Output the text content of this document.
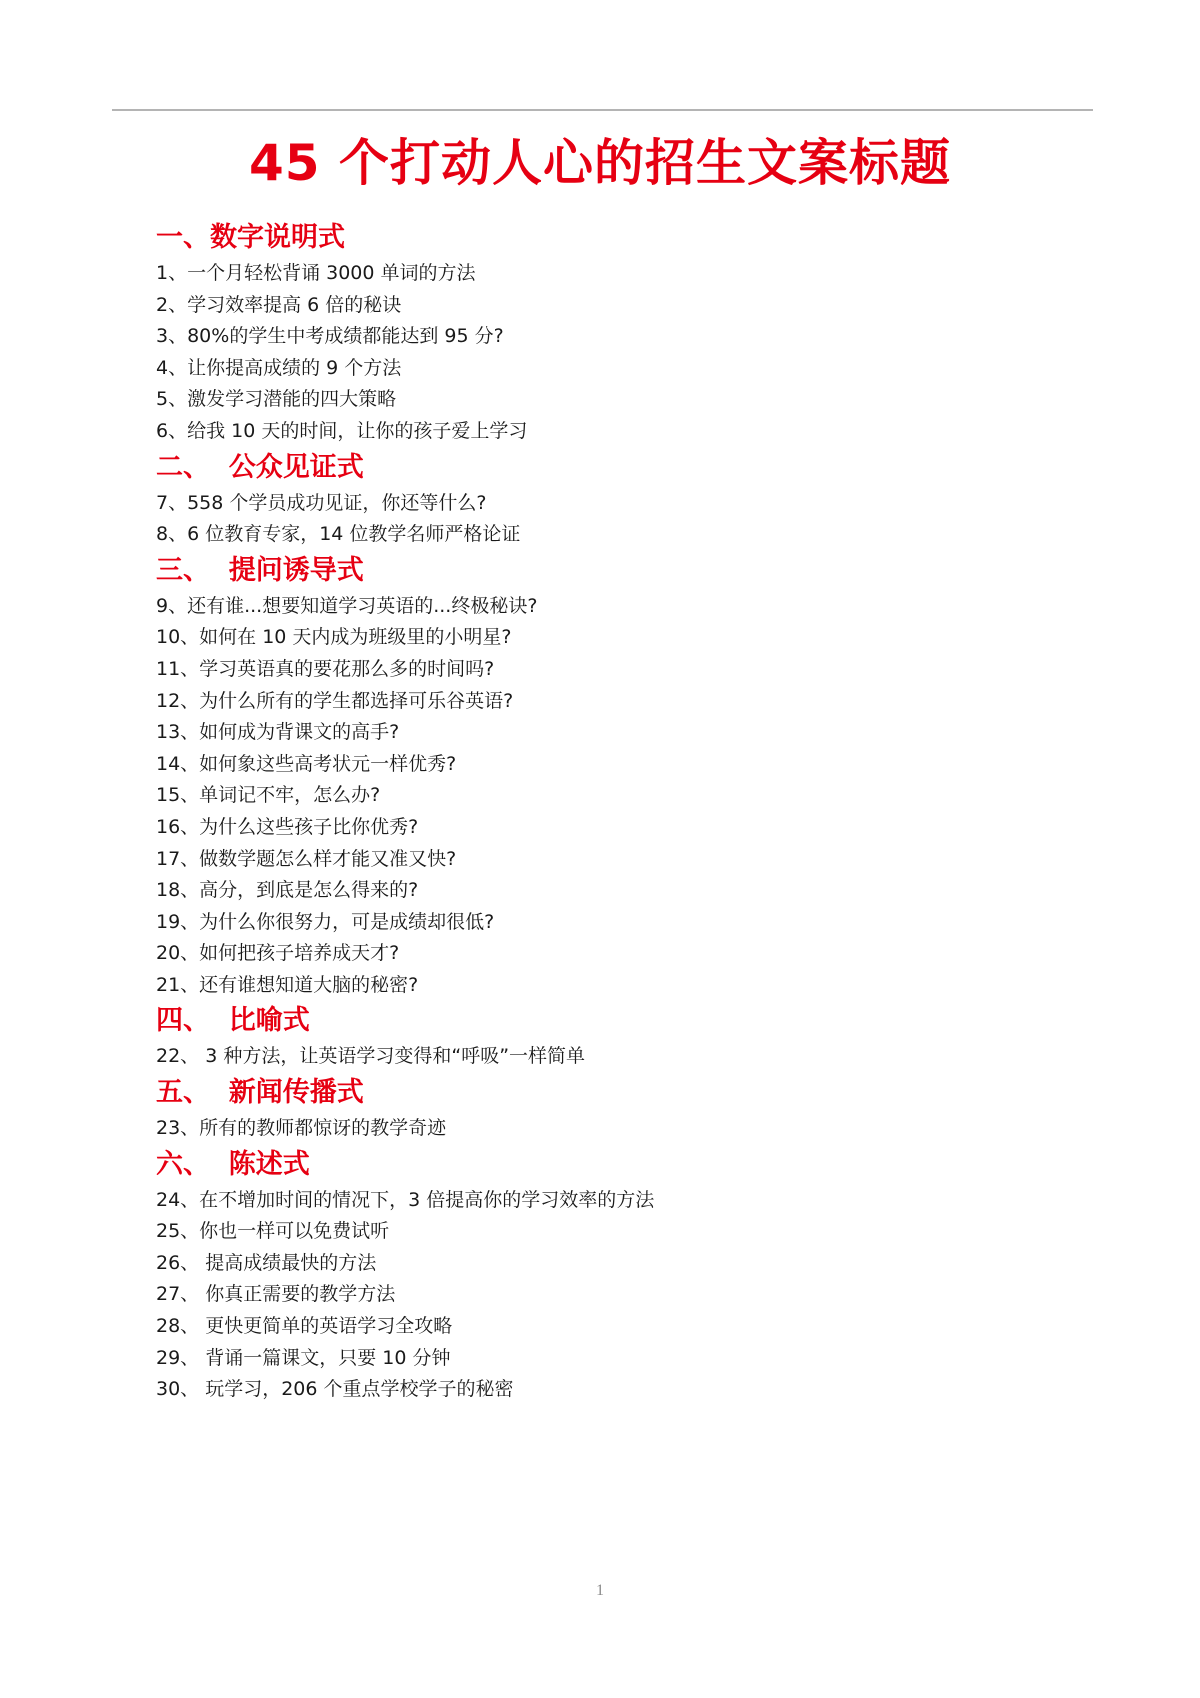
45 个打动人心的招生文案标题
一、数字说明式
1、一个月轻松背诵 3000 单词的方法
2、学习效率提高 6 倍的秘诀
3、80%的学生中考成绩都能达到 95 分?
4、让你提高成绩的 9 个方法
5、激发学习潜能的四大策略
6、给我 10 天的时间，让你的孩子爱上学习
二、  公众见证式
7、558 个学员成功见证，你还等什么?
8、6 位教育专家，14 位教学名师严格论证
三、  提问诱导式
9、还有谁...想要知道学习英语的...终极秘诀?
10、如何在 10 天内成为班级里的小明星?
11、学习英语真的要花那么多的时间吗?
12、为什么所有的学生都选择可乐谷英语?
13、如何成为背课文的高手?
14、如何象这些高考状元一样优秀?
15、单词记不牢，怎么办?
16、为什么这些孩子比你优秀?
17、做数学题怎么样才能又准又快?
18、高分，到底是怎么得来的?
19、为什么你很努力，可是成绩却很低?
20、如何把孩子培养成天才?
21、还有谁想知道大脑的秘密?
四、  比喻式
22、 3 种方法，让英语学习变得和“呼吸”一样简单
五、  新闻传播式
23、所有的教师都惊讶的教学奇迹
六、  陈述式
24、在不增加时间的情况下，3 倍提高你的学习效率的方法
25、你也一样可以免费试听
26、 提高成绩最快的方法
27、 你真正需要的教学方法
28、 更快更简单的英语学习全攻略
29、 背诵一篇课文，只要 10 分钟
30、 玩学习，206 个重点学校学子的秘密
1
